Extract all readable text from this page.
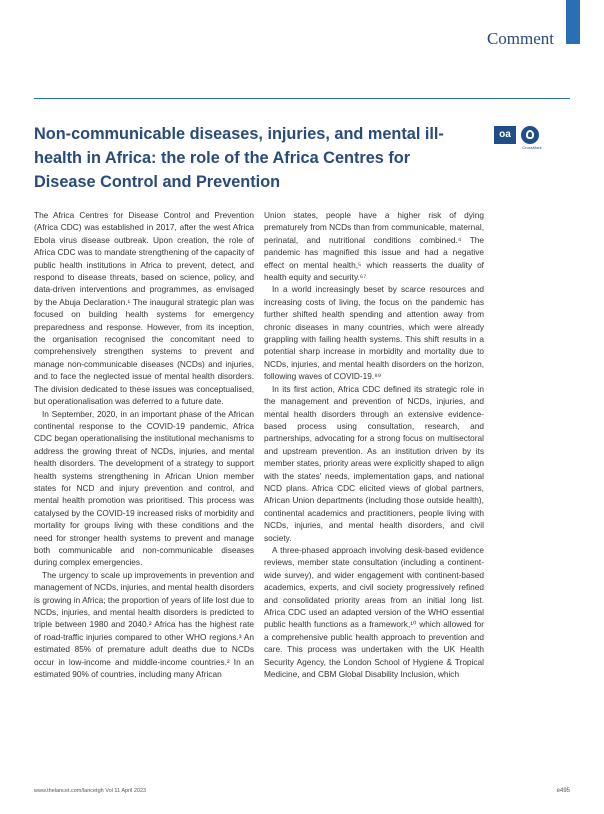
Comment
Non-communicable diseases, injuries, and mental ill-health in Africa: the role of the Africa Centres for Disease Control and Prevention
oa
CrossMark

The Africa Centres for Disease Control and Prevention (Africa CDC) was established in 2017, after the west Africa Ebola virus disease outbreak. Upon creation, the role of Africa CDC was to mandate strengthening of the capacity of public health institutions in Africa to prevent, detect, and respond to disease threats, based on science, policy, and data-driven interventions and programmes, as envisaged by the Abuja Declaration.¹ The inaugural strategic plan was focused on building health systems for emergency preparedness and response. However, from its inception, the organisation recognised the concomitant need to comprehensively strengthen systems to prevent and manage non-communicable diseases (NCDs) and injuries, and to face the neglected issue of mental health disorders. The division dedicated to these issues was conceptualised, but operationalisation was deferred to a future date.

In September, 2020, in an important phase of the African continental response to the COVID-19 pandemic, Africa CDC began operationalising the institutional mechanisms to address the growing threat of NCDs, injuries, and mental health disorders. The development of a strategy to support health systems strengthening in African Union member states for NCD and injury prevention and control, and mental health promotion was prioritised. This process was catalysed by the COVID-19 increased risks of morbidity and mortality for groups living with these conditions and the need for stronger health systems to prevent and manage both communicable and non-communicable diseases during complex emergencies.

The urgency to scale up improvements in prevention and management of NCDs, injuries, and mental health disorders is growing in Africa; the proportion of years of life lost due to NCDs, injuries, and mental health disorders is predicted to triple between 1980 and 2040.² Africa has the highest rate of road-traffic injuries compared to other WHO regions.³ An estimated 85% of premature adult deaths due to NCDs occur in low-income and middle-income countries.² In an estimated 90% of countries, including many African

Union states, people have a higher risk of dying prematurely from NCDs than from communicable, maternal, perinatal, and nutritional conditions combined.⁴ The pandemic has magnified this issue and had a negative effect on mental health,⁵ which reasserts the duality of health equity and security.⁶⁷

In a world increasingly beset by scarce resources and increasing costs of living, the focus on the pandemic has further shifted health spending and attention away from chronic diseases in many countries, which were already grappling with failing health systems. This shift results in a potential sharp increase in morbidity and mortality due to NCDs, injuries, and mental health disorders on the horizon, following waves of COVID-19.⁸⁹

In its first action, Africa CDC defined its strategic role in the management and prevention of NCDs, injuries, and mental health disorders through an extensive evidence-based process using consultation, research, and partnerships, advocating for a strong focus on multisectoral and upstream prevention. As an institution driven by its member states, priority areas were explicitly shaped to align with the states' needs, implementation gaps, and national NCD plans. Africa CDC elicited views of global partners, African Union departments (including those outside health), continental academics and practitioners, people living with NCDs, injuries, and mental health disorders, and civil society.

A three-phased approach involving desk-based evidence reviews, member state consultation (including a continent-wide survey), and wider engagement with continent-based academics, experts, and civil society progressively refined and consolidated priority areas from an initial long list. Africa CDC used an adapted version of the WHO essential public health functions as a framework,¹⁰ which allowed for a comprehensive public health approach to prevention and care. This process was undertaken with the UK Health Security Agency, the London School of Hygiene & Tropical Medicine, and CBM Global Disability Inclusion, which

www.thelancet.com/lancetgh Vol 11 April 2023	e495
